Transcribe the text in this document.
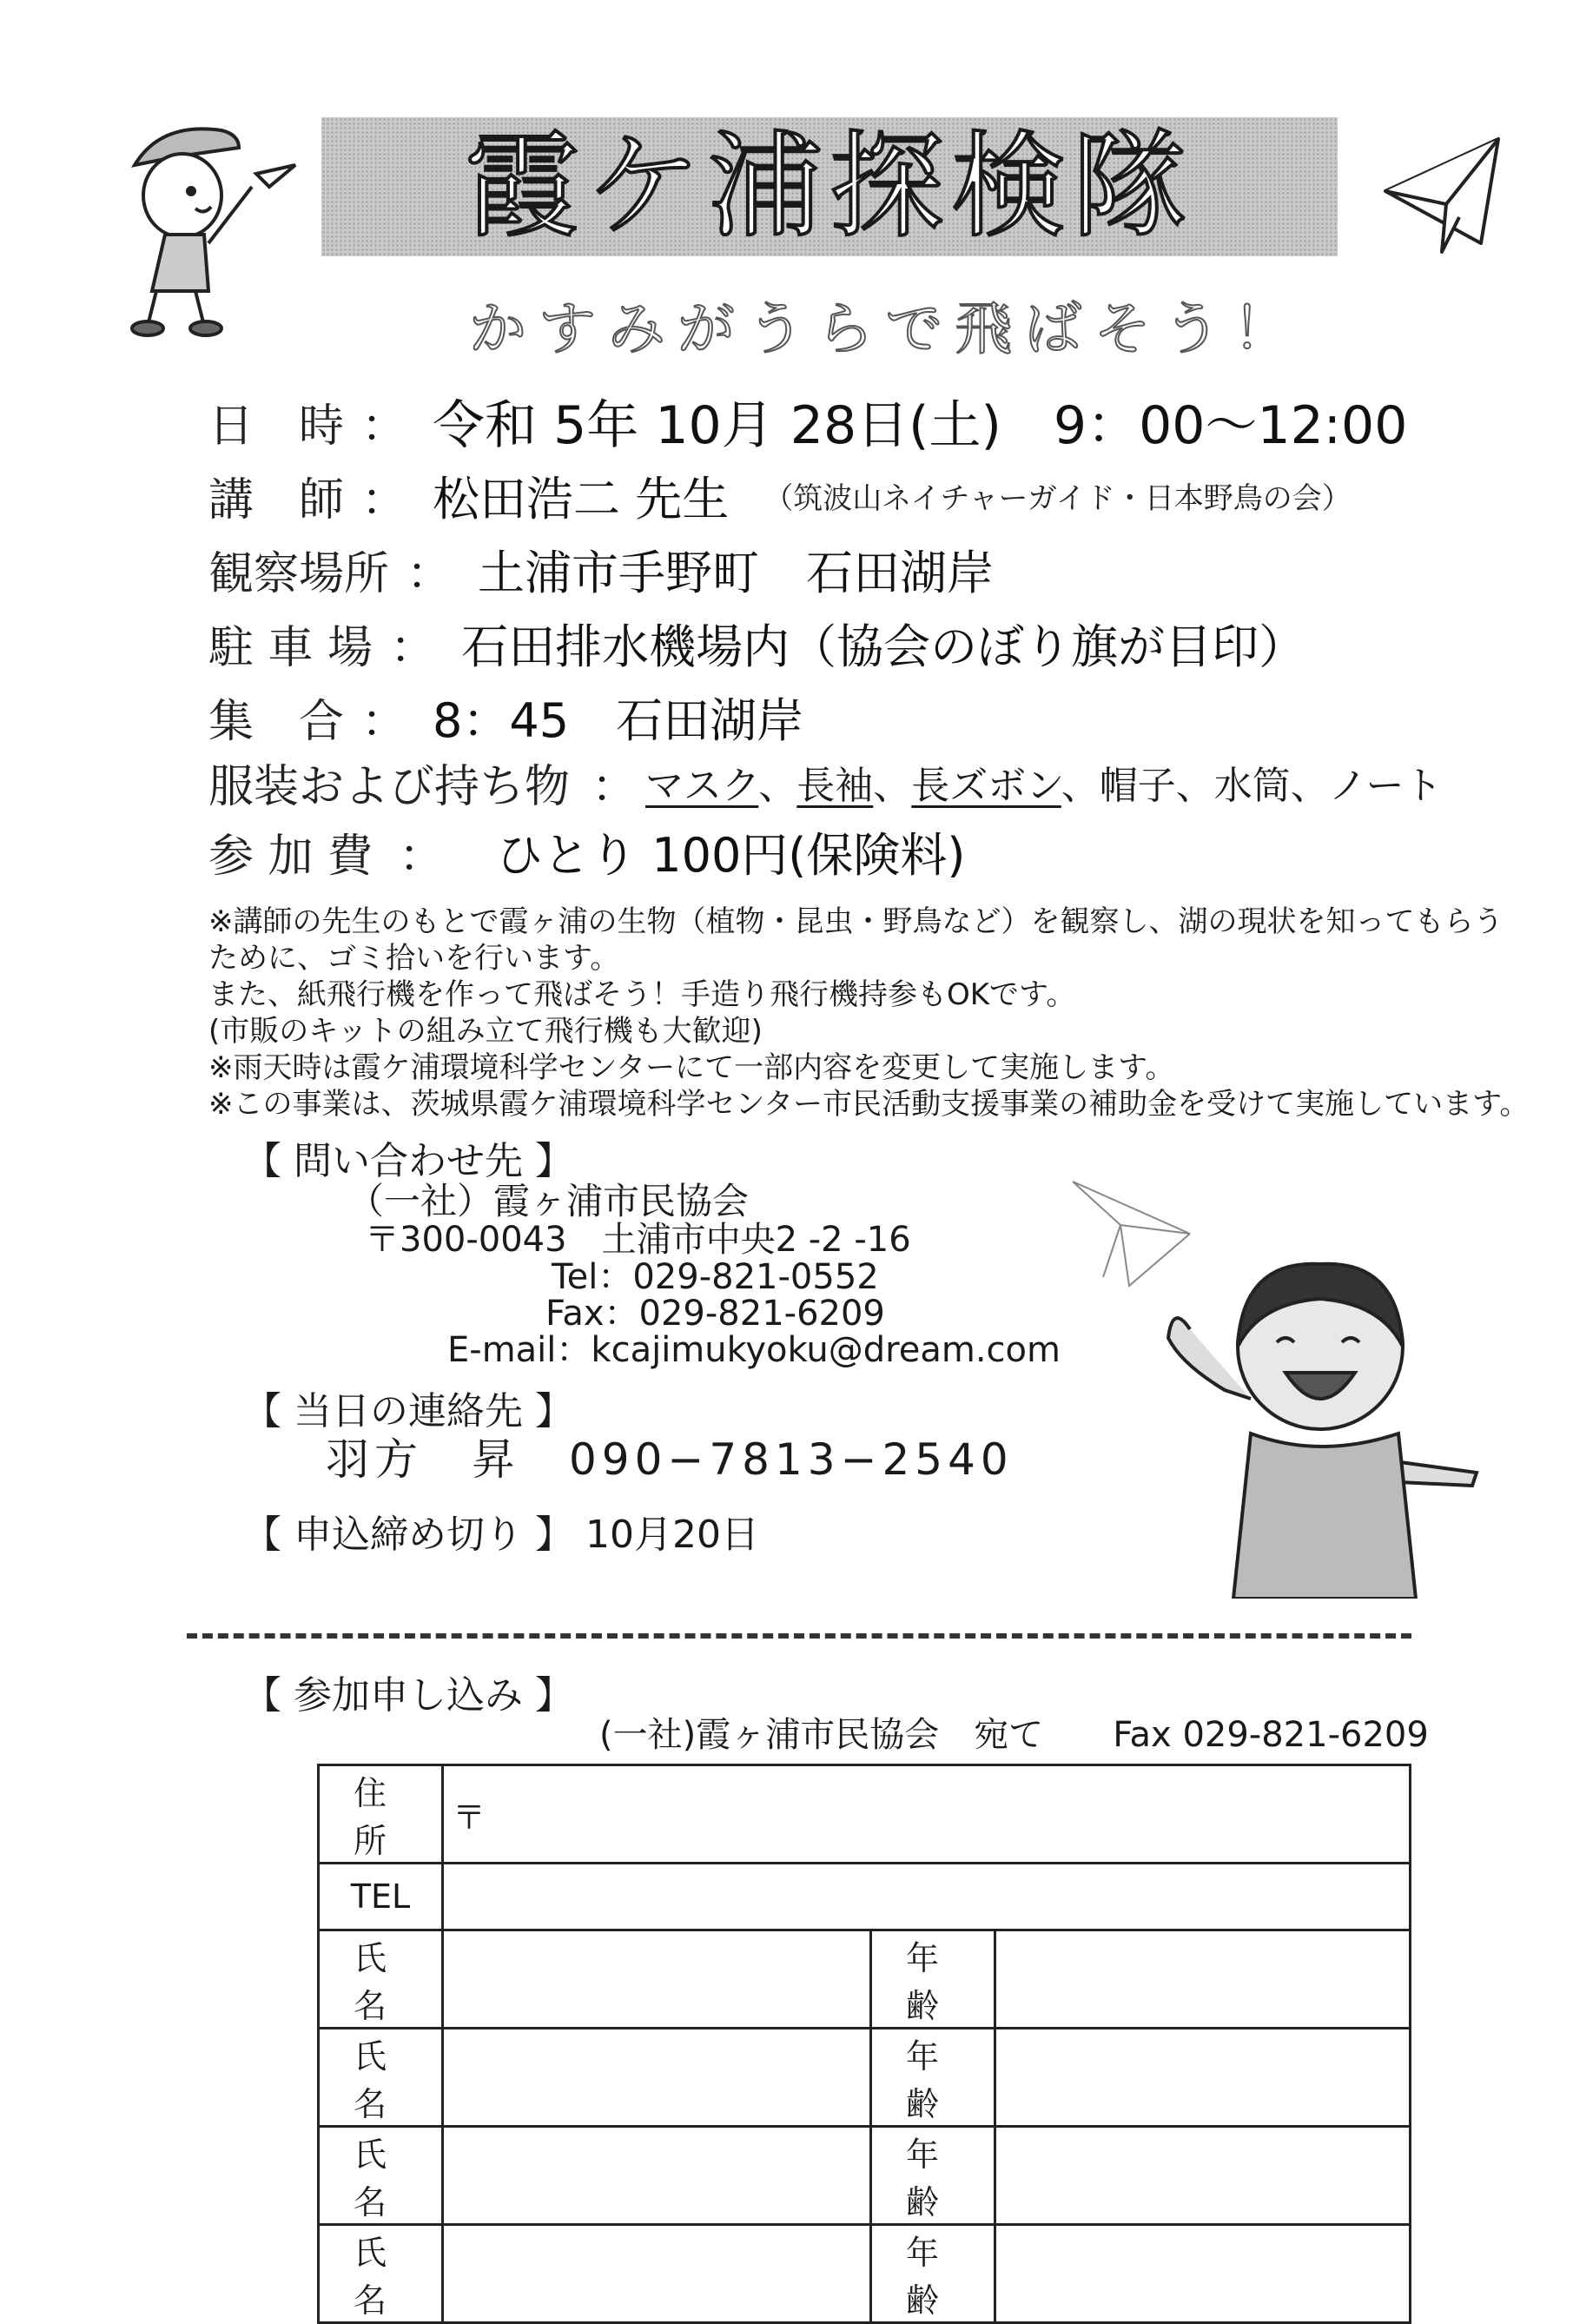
霞ケ浦探検隊
かすみがうらで飛ばそう！
日　時 ： 令和 5年 10月 28日(土)　9：00〜12:00
講　師 ： 松田浩二 先生 （筑波山ネイチャーガイド・日本野鳥の会）
観察場所 ： 土浦市手野町　石田湖岸
駐 車 場 ： 石田排水機場内（協会のぼり旗が目印）
集　合 ： 8：45　石田湖岸
服装および持ち物 ： マスク、長袖、長ズボン、帽子、水筒、ノート
参 加 費 ： ひとり 100円(保険料)
※講師の先生のもとで霞ヶ浦の生物（植物・昆虫・野鳥など）を観察し、湖の現状を知ってもらう
ために、ゴミ拾いを行います。
また、紙飛行機を作って飛ばそう！手造り飛行機持参もOKです。
(市販のキットの組み立て飛行機も大歓迎)
※雨天時は霞ケ浦環境科学センターにて一部内容を変更して実施します。
※この事業は、茨城県霞ケ浦環境科学センター市民活動支援事業の補助金を受けて実施しています。
【 問い合わせ先 】
（一社）霞ヶ浦市民協会
〒300-0043　土浦市中央2 -2 -16
Tel：029-821-0552
Fax：029-821-6209
E-mail：kcajimukyoku@dream.com
【 当日の連絡先 】
羽方　昇　090−7813−2540
【 申込締め切り 】 10月20日
【 参加申し込み 】
(一社)霞ヶ浦市民協会　宛て　　Fax 029-821-6209
住所	〒		
TEL			
氏名		年齢	
氏名		年齢	
氏名		年齢	
氏名		年齢	
